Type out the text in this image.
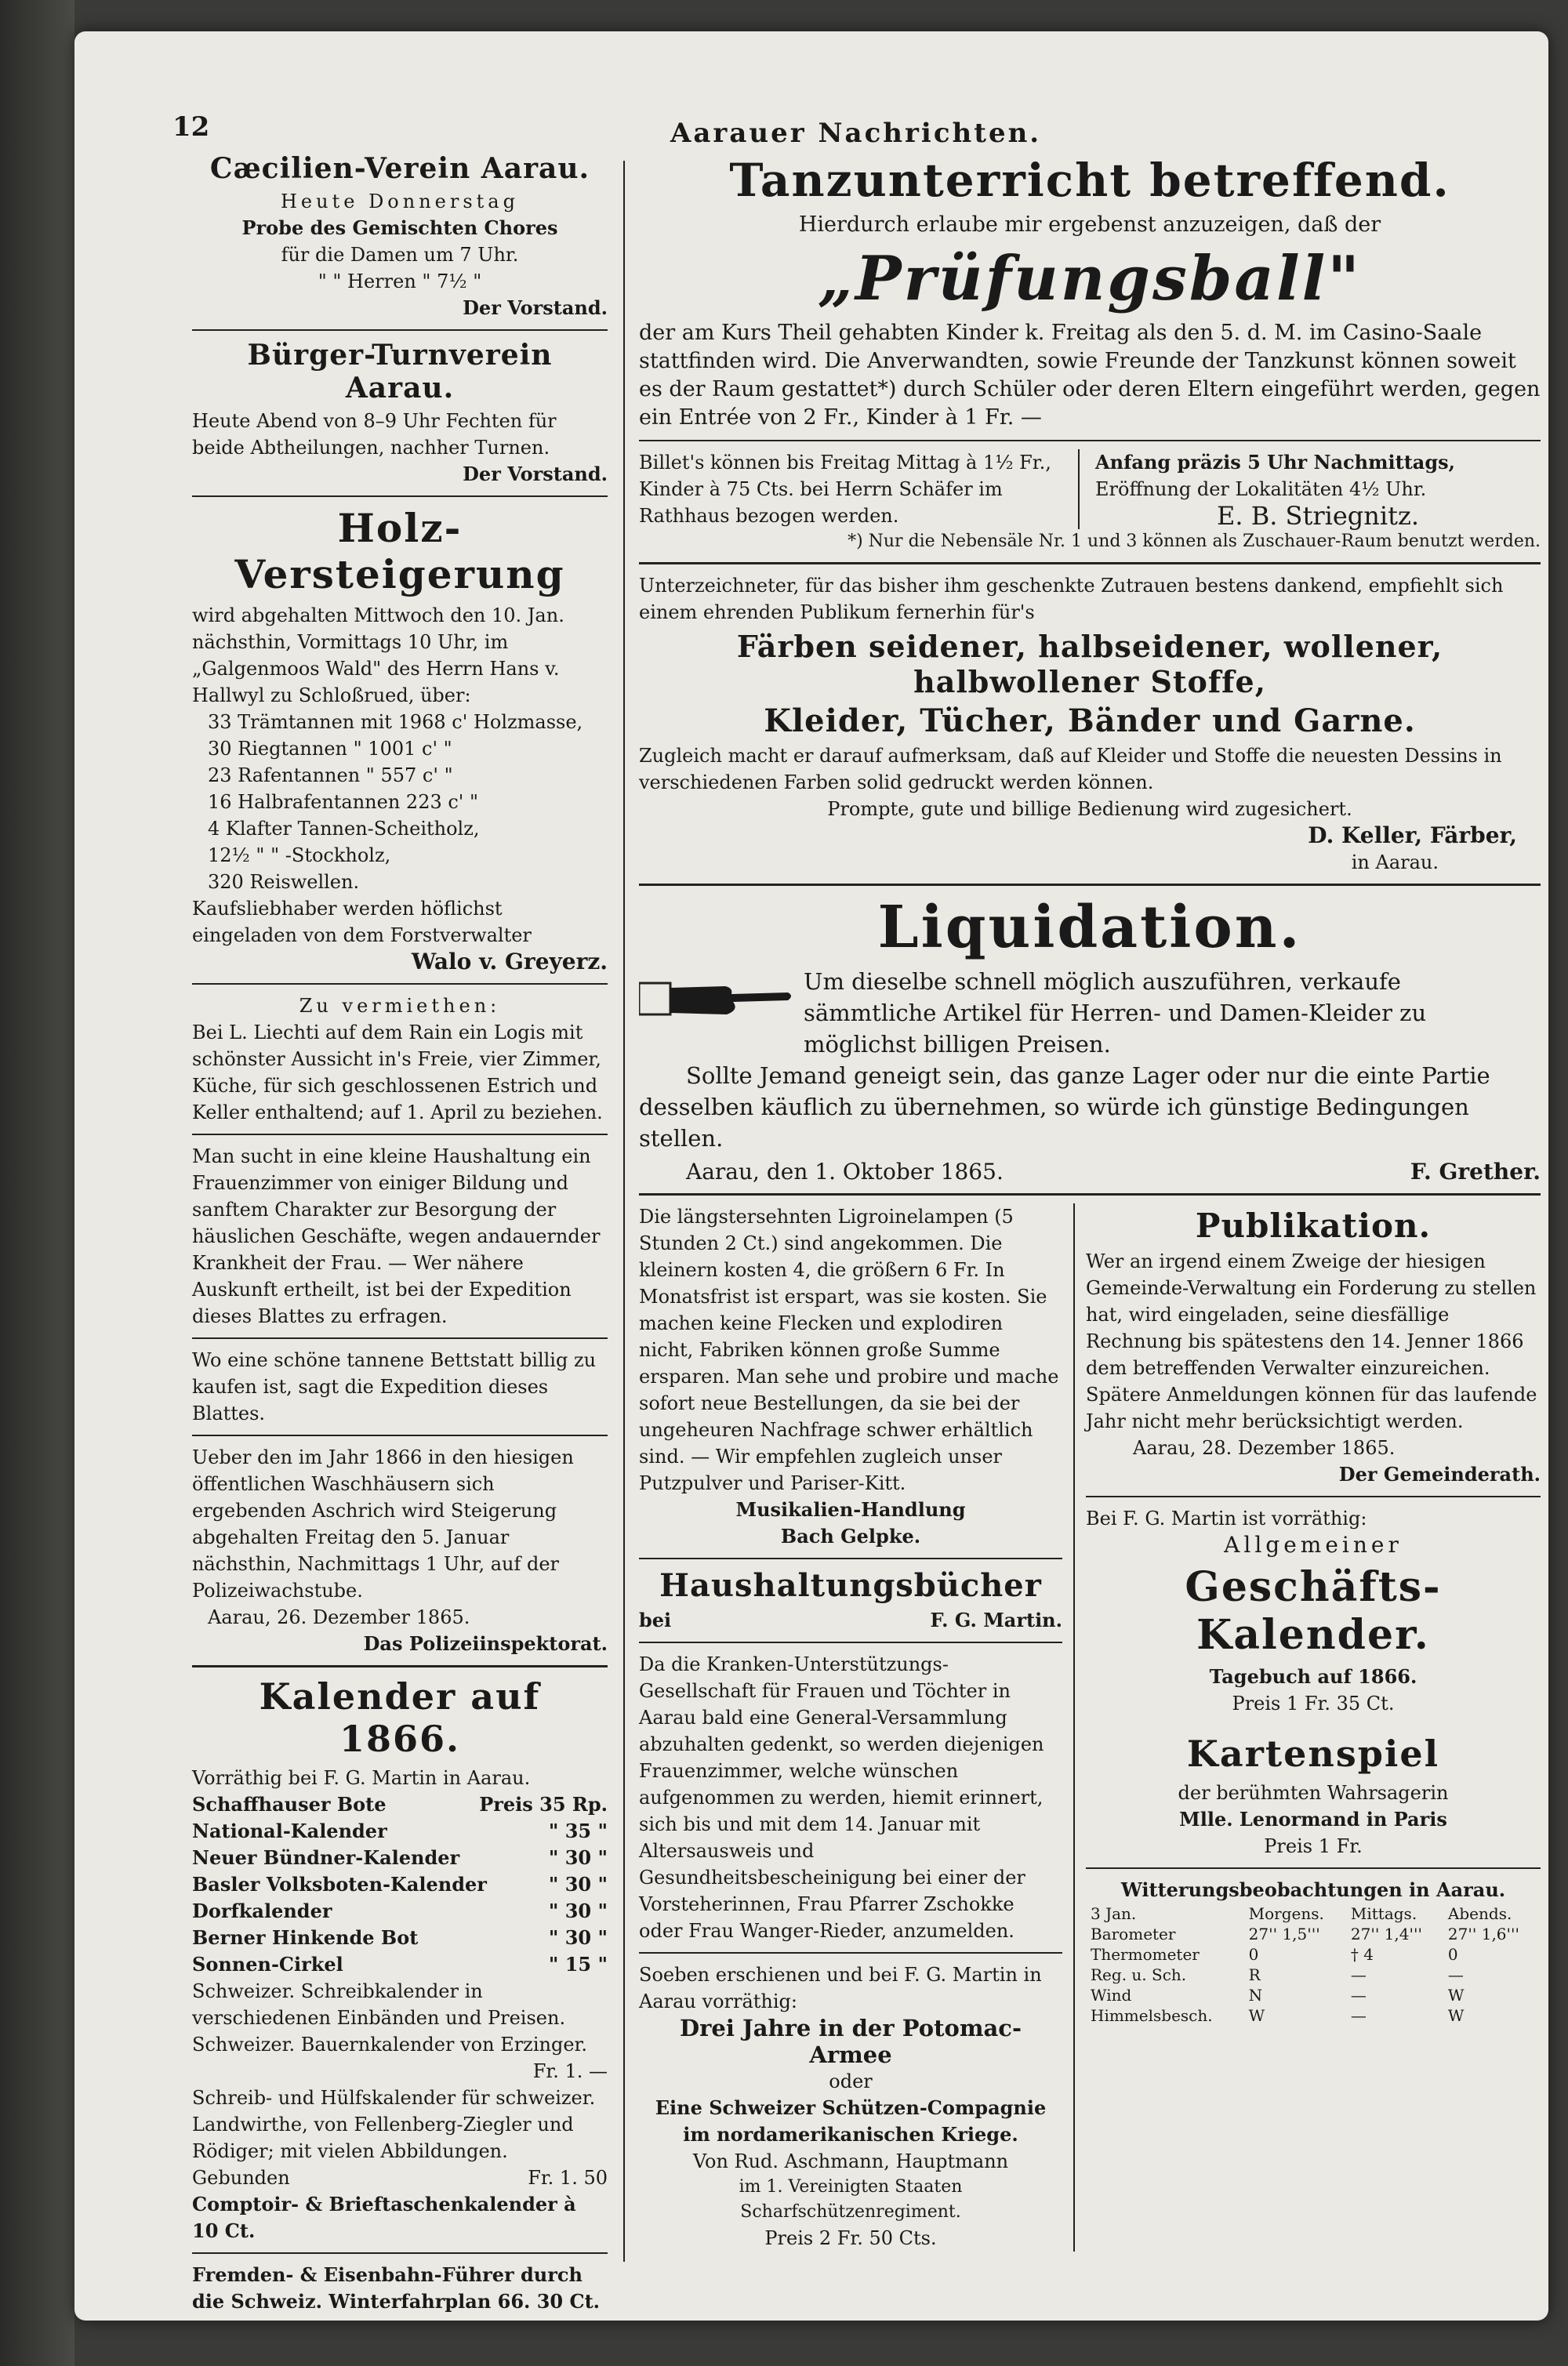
12	Aarauer Nachrichten.
Cæcilien-Verein Aarau.

Heute Donnerstag

Probe des Gemischten Chores

für die Damen um 7 Uhr.

" " Herren " 7½ "

Der Vorstand.

Bürger-Turnverein Aarau.

Heute Abend von 8–9 Uhr Fechten für beide Abtheilungen, nachher Turnen.

Der Vorstand.

Holz-Versteigerung

wird abgehalten Mittwoch den 10. Jan. nächsthin, Vormittags 10 Uhr, im „Galgenmoos Wald" des Herrn Hans v. Hallwyl zu Schloßrued, über:

33 Trämtannen mit 1968 c' Holzmasse,

30 Riegtannen " 1001 c' "

23 Rafentannen " 557 c' "

16 Halbrafentannen 223 c' "

4 Klafter Tannen-Scheitholz,

12½ " " -Stockholz,

320 Reiswellen.

Kaufsliebhaber werden höflichst eingeladen von dem Forstverwalter

Walo v. Greyerz.

Zu vermiethen:

Bei L. Liechti auf dem Rain ein Logis mit schönster Aussicht in's Freie, vier Zimmer, Küche, für sich geschlossenen Estrich und Keller enthaltend; auf 1. April zu beziehen.

Man sucht in eine kleine Haushaltung ein Frauenzimmer von einiger Bildung und sanftem Charakter zur Besorgung der häuslichen Geschäfte, wegen andauernder Krankheit der Frau. — Wer nähere Auskunft ertheilt, ist bei der Expedition dieses Blattes zu erfragen.

Wo eine schöne tannene Bettstatt billig zu kaufen ist, sagt die Expedition dieses Blattes.

Ueber den im Jahr 1866 in den hiesigen öffentlichen Waschhäusern sich ergebenden Aschrich wird Steigerung abgehalten Freitag den 5. Januar nächsthin, Nachmittags 1 Uhr, auf der Polizeiwachstube.

Aarau, 26. Dezember 1865.

Das Polizeiinspektorat.

Kalender auf 1866.

Vorräthig bei F. G. Martin in Aarau.

Schaffhauser Bote	Preis 35 Rp.
National-Kalender	" 35 "
Neuer Bündner-Kalender	" 30 "
Basler Volksboten-Kalender	" 30 "
Dorfkalender	" 30 "
Berner Hinkende Bot	" 30 "
Sonnen-Cirkel	" 15 "

Schweizer. Schreibkalender in verschiedenen Einbänden und Preisen.

Schweizer. Bauernkalender von Erzinger.

Fr. 1. —

Schreib- und Hülfskalender für schweizer. Landwirthe, von Fellenberg-Ziegler und Rödiger; mit vielen Abbildungen.

Gebunden	Fr. 1. 50

Comptoir- & Brieftaschenkalender à 10 Ct.

Fremden- & Eisenbahn-Führer durch die Schweiz. Winterfahrplan 66. 30 Ct.

Tanzunterricht betreffend.

Hierdurch erlaube mir ergebenst anzuzeigen, daß der

„Prüfungsball"

der am Kurs Theil gehabten Kinder k. Freitag als den 5. d. M. im Casino-Saale stattfinden wird. Die Anverwandten, sowie Freunde der Tanzkunst können soweit es der Raum gestattet*) durch Schüler oder deren Eltern eingeführt werden, gegen ein Entrée von 2 Fr., Kinder à 1 Fr. —

Billet's können bis Freitag Mittag à 1½ Fr., Kinder à 75 Cts. bei Herrn Schäfer im Rathhaus bezogen werden.

Anfang präzis 5 Uhr Nachmittags,

Eröffnung der Lokalitäten 4½ Uhr.

E. B. Striegnitz.

*) Nur die Nebensäle Nr. 1 und 3 können als Zuschauer-Raum benutzt werden.

Unterzeichneter, für das bisher ihm geschenkte Zutrauen bestens dankend, empfiehlt sich einem ehrenden Publikum fernerhin für's

Färben seidener, halbseidener, wollener, halbwollener Stoffe,
Kleider, Tücher, Bänder und Garne.

Zugleich macht er darauf aufmerksam, daß auf Kleider und Stoffe die neuesten Dessins in verschiedenen Farben solid gedruckt werden können.

Prompte, gute und billige Bedienung wird zugesichert.

D. Keller, Färber,

in Aarau.

Liquidation.

Um dieselbe schnell möglich auszuführen, verkaufe sämmtliche Artikel für Herren- und Damen-Kleider zu möglichst billigen Preisen.

Sollte Jemand geneigt sein, das ganze Lager oder nur die einte Partie desselben käuflich zu übernehmen, so würde ich günstige Bedingungen stellen.

Aarau, den 1. Oktober 1865.	F. Grether.

Die längstersehnten Ligroinelampen (5 Stunden 2 Ct.) sind angekommen. Die kleinern kosten 4, die größern 6 Fr. In Monatsfrist ist erspart, was sie kosten. Sie machen keine Flecken und explodiren nicht, Fabriken können große Summe ersparen. Man sehe und probire und mache sofort neue Bestellungen, da sie bei der ungeheuren Nachfrage schwer erhältlich sind. — Wir empfehlen zugleich unser Putzpulver und Pariser-Kitt.

Musikalien-Handlung

Bach Gelpke.

Haushaltungsbücher
bei	F. G. Martin.

Da die Kranken-Unterstützungs-Gesellschaft für Frauen und Töchter in Aarau bald eine General-Versammlung abzuhalten gedenkt, so werden diejenigen Frauenzimmer, welche wünschen aufgenommen zu werden, hiemit erinnert, sich bis und mit dem 14. Januar mit Altersausweis und Gesundheitsbescheinigung bei einer der Vorsteherinnen, Frau Pfarrer Zschokke oder Frau Wanger-Rieder, anzumelden.

Soeben erschienen und bei F. G. Martin in Aarau vorräthig:

Drei Jahre in der Potomac-Armee

oder

Eine Schweizer Schützen-Compagnie

im nordamerikanischen Kriege.

Von Rud. Aschmann, Hauptmann

im 1. Vereinigten Staaten Scharfschützenregiment.

Preis 2 Fr. 50 Cts.

Publikation.

Wer an irgend einem Zweige der hiesigen Gemeinde-Verwaltung ein Forderung zu stellen hat, wird eingeladen, seine diesfällige Rechnung bis spätestens den 14. Jenner 1866 dem betreffenden Verwalter einzureichen. Spätere Anmeldungen können für das laufende Jahr nicht mehr berücksichtigt werden.

Aarau, 28. Dezember 1865.

Der Gemeinderath.

Bei F. G. Martin ist vorräthig:

Allgemeiner

Geschäfts-Kalender.

Tagebuch auf 1866.

Preis 1 Fr. 35 Ct.

Kartenspiel

der berühmten Wahrsagerin

Mlle. Lenormand in Paris

Preis 1 Fr.

Witterungsbeobachtungen in Aarau.

3 Jan.	Morgens.	Mittags.	Abends.
Barometer	27'' 1,5'''	27'' 1,4'''	27'' 1,6'''
Thermometer	0	† 4	0
Reg. u. Sch.	R	—	—
Wind	N	—	W
Himmelsbesch.	W	—	W
